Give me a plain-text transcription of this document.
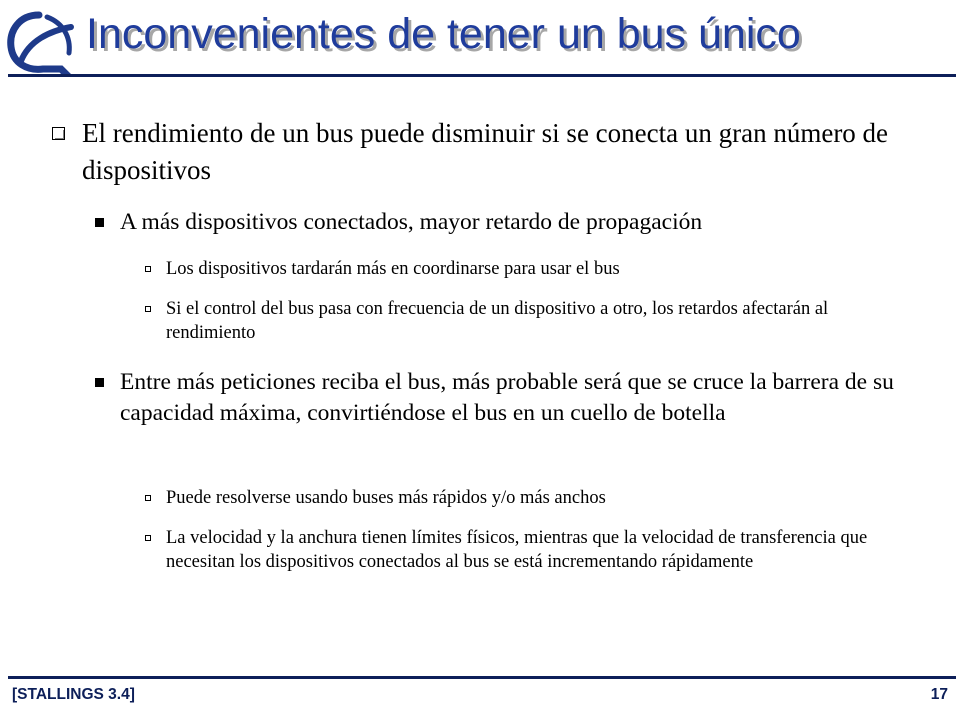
Inconvenientes de tener un bus único
El rendimiento de un bus puede disminuir si se conecta un gran número de dispositivos
A más dispositivos conectados, mayor retardo de propagación
Los dispositivos tardarán más en coordinarse para usar el bus
Si el control del bus pasa con frecuencia de un dispositivo a otro, los retardos afectarán al rendimiento
Entre más peticiones reciba el bus, más probable será que se cruce la barrera de su capacidad máxima, convirtiéndose el bus en un cuello de botella
Puede resolverse usando buses más rápidos y/o más anchos
La velocidad y la anchura tienen límites físicos, mientras que la velocidad de transferencia que necesitan los dispositivos conectados al bus se está incrementando rápidamente
[STALLINGS 3.4]	17
